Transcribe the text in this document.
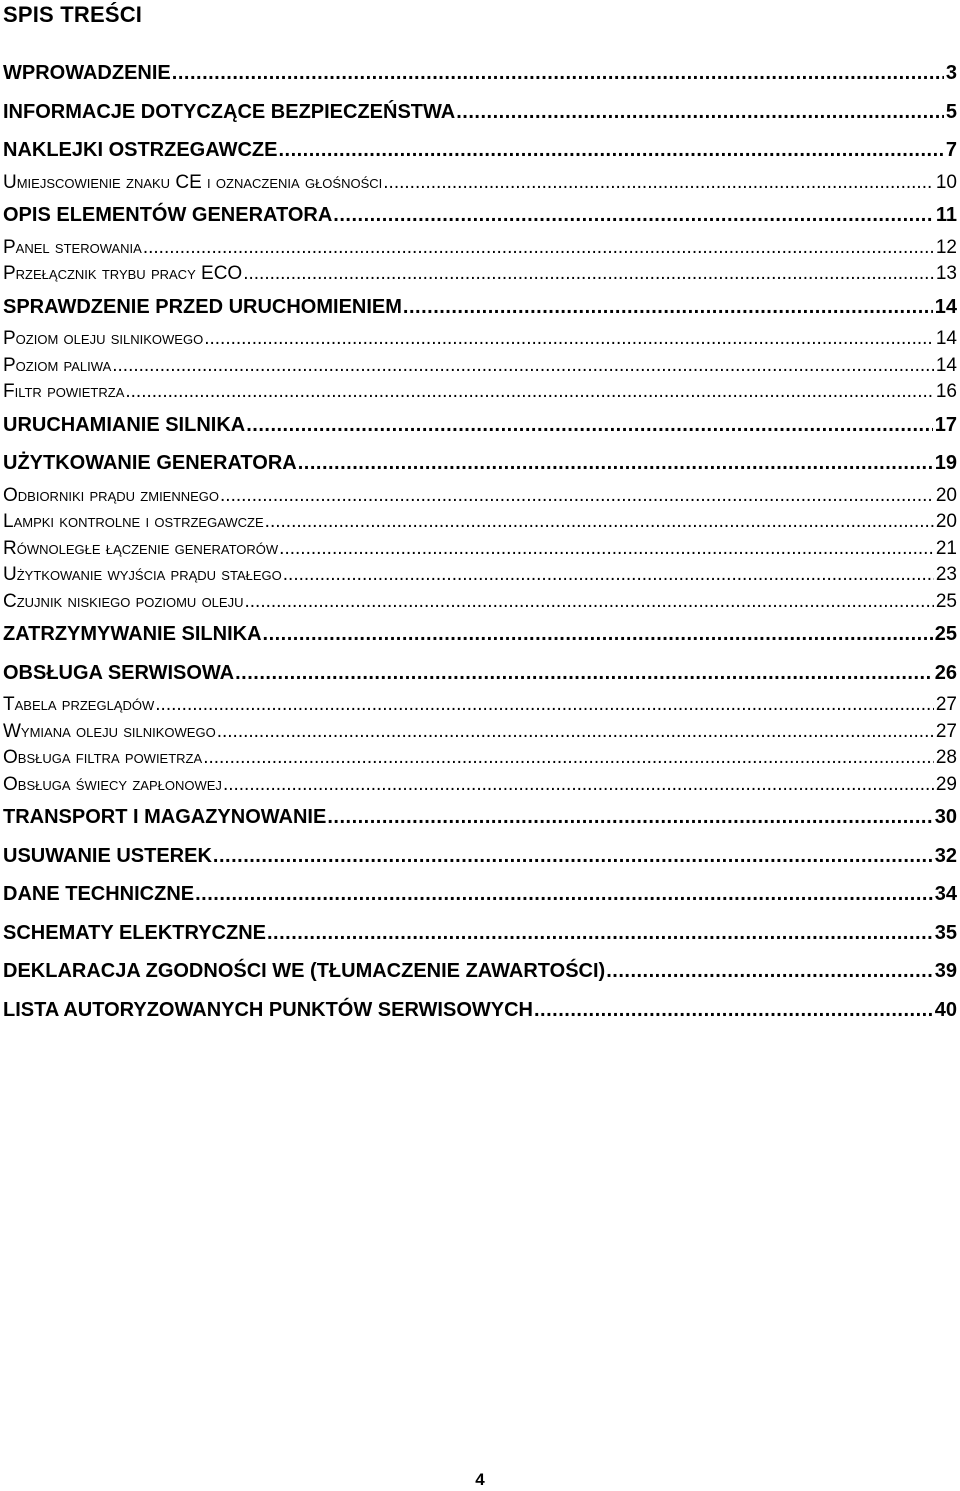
SPIS TREŚCI
WPROWADZENIE .....	3
INFORMACJE DOTYCZĄCE BEZPIECZEŃSTWA .....	5
NAKLEJKI OSTRZEGAWCZE .....	7
Umiejscowienie znaku CE i oznaczenia głośności .....	10
OPIS ELEMENTÓW GENERATORA .....	11
Panel sterowania .....	12
Przełącznik trybu pracy ECO .....	13
SPRAWDZENIE PRZED URUCHOMIENIEM .....	14
Poziom oleju silnikowego .....	14
Poziom paliwa .....	14
Filtr powietrza .....	16
URUCHAMIANIE SILNIKA .....	17
UŻYTKOWANIE GENERATORA .....	19
Odbiorniki prądu zmiennego .....	20
Lampki kontrolne i ostrzegawcze .....	20
Równoległe łączenie generatorów .....	21
Użytkowanie wyjścia prądu stałego .....	23
Czujnik niskiego poziomu oleju .....	25
ZATRZYMYWANIE SILNIKA .....	25
OBSŁUGA SERWISOWA .....	26
Tabela przeglądów .....	27
Wymiana oleju silnikowego .....	27
Obsługa filtra powietrza .....	28
Obsługa świecy zapłonowej .....	29
TRANSPORT I MAGAZYNOWANIE .....	30
USUWANIE USTEREK .....	32
DANE TECHNICZNE .....	34
SCHEMATY ELEKTRYCZNE .....	35
DEKLARACJA ZGODNOŚCI WE (TŁUMACZENIE ZAWARTOŚCI) .....	39
LISTA AUTORYZOWANYCH PUNKTÓW SERWISOWYCH .....	40
4
